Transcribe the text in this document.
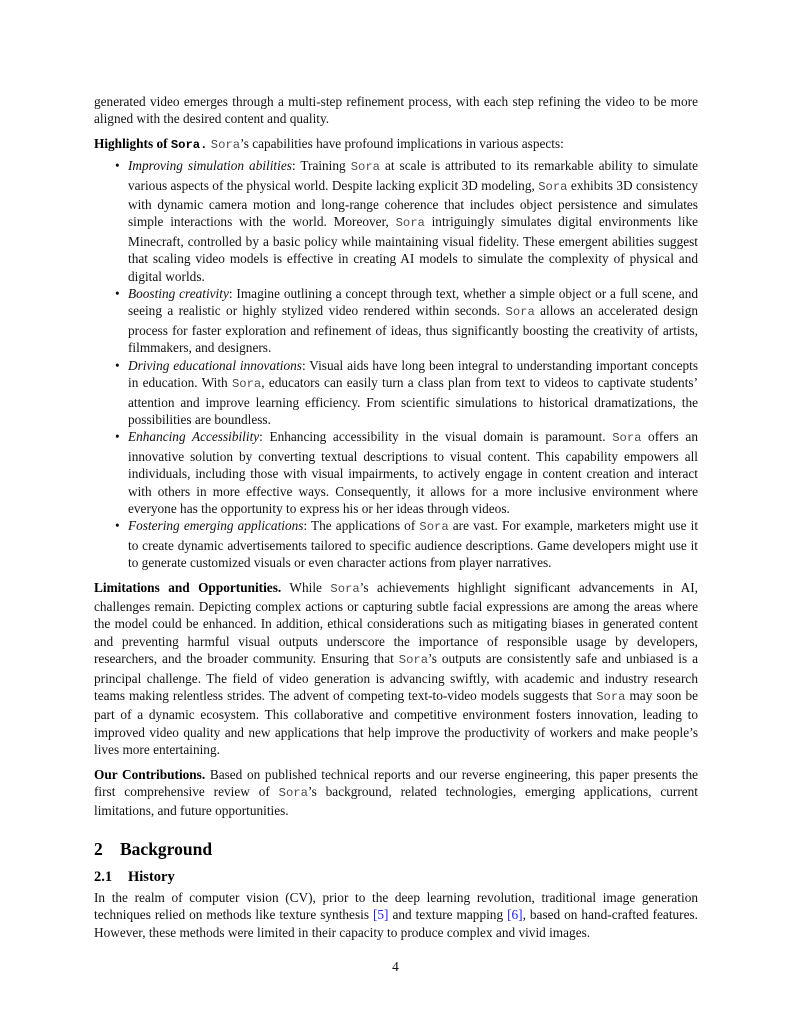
generated video emerges through a multi-step refinement process, with each step refining the video to be more aligned with the desired content and quality.

Highlights of Sora. Sora’s capabilities have profound implications in various aspects:

• Improving simulation abilities: Training Sora at scale is attributed to its remarkable ability to simulate various aspects of the physical world. Despite lacking explicit 3D modeling, Sora exhibits 3D consistency with dynamic camera motion and long-range coherence that includes object persistence and simulates simple interactions with the world. Moreover, Sora intriguingly simulates digital environments like Minecraft, controlled by a basic policy while maintaining visual fidelity. These emergent abilities suggest that scaling video models is effective in creating AI models to simulate the complexity of physical and digital worlds.
• Boosting creativity: Imagine outlining a concept through text, whether a simple object or a full scene, and seeing a realistic or highly stylized video rendered within seconds. Sora allows an accelerated design process for faster exploration and refinement of ideas, thus significantly boosting the creativity of artists, filmmakers, and designers.
• Driving educational innovations: Visual aids have long been integral to understanding important concepts in education. With Sora, educators can easily turn a class plan from text to videos to captivate students’ attention and improve learning efficiency. From scientific simulations to historical dramatizations, the possibilities are boundless.
• Enhancing Accessibility: Enhancing accessibility in the visual domain is paramount. Sora offers an innovative solution by converting textual descriptions to visual content. This capability empowers all individuals, including those with visual impairments, to actively engage in content creation and interact with others in more effective ways. Consequently, it allows for a more inclusive environment where everyone has the opportunity to express his or her ideas through videos.
• Fostering emerging applications: The applications of Sora are vast. For example, marketers might use it to create dynamic advertisements tailored to specific audience descriptions. Game developers might use it to generate customized visuals or even character actions from player narratives.

Limitations and Opportunities. While Sora’s achievements highlight significant advancements in AI, challenges remain. Depicting complex actions or capturing subtle facial expressions are among the areas where the model could be enhanced. In addition, ethical considerations such as mitigating biases in generated content and preventing harmful visual outputs underscore the importance of responsible usage by developers, researchers, and the broader community. Ensuring that Sora’s outputs are consistently safe and unbiased is a principal challenge. The field of video generation is advancing swiftly, with academic and industry research teams making relentless strides. The advent of competing text-to-video models suggests that Sora may soon be part of a dynamic ecosystem. This collaborative and competitive environment fosters innovation, leading to improved video quality and new applications that help improve the productivity of workers and make people’s lives more entertaining.

Our Contributions. Based on published technical reports and our reverse engineering, this paper presents the first comprehensive review of Sora’s background, related technologies, emerging applications, current limitations, and future opportunities.

2 Background

2.1 History

In the realm of computer vision (CV), prior to the deep learning revolution, traditional image generation techniques relied on methods like texture synthesis [5] and texture mapping [6], based on hand-crafted features. However, these methods were limited in their capacity to produce complex and vivid images.

4
